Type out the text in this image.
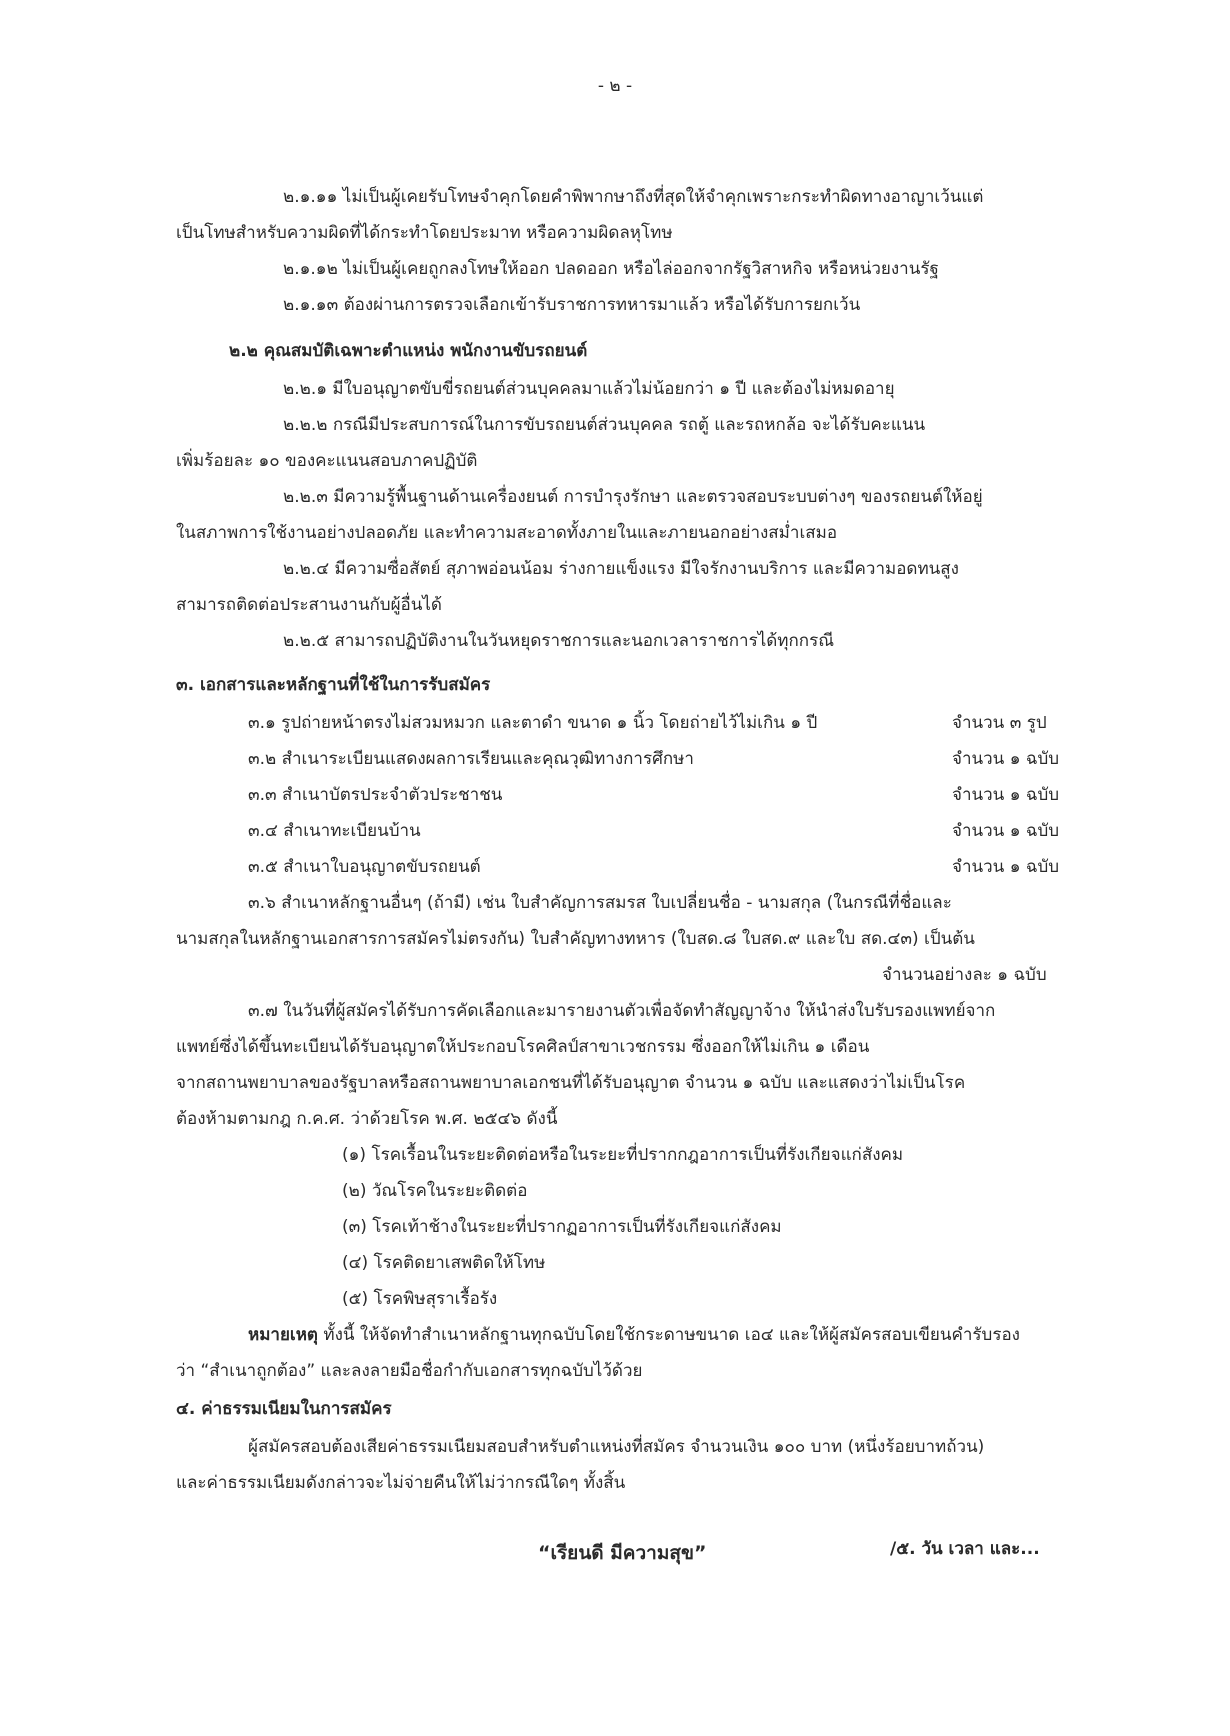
- ๒ -
๒.๑.๑๑ ไม่เป็นผู้เคยรับโทษจำคุกโดยคำพิพากษาถึงที่สุดให้จำคุกเพราะกระทำผิดทางอาญาเว้นแต่
เป็นโทษสำหรับความผิดที่ได้กระทำโดยประมาท หรือความผิดลหุโทษ
๒.๑.๑๒ ไม่เป็นผู้เคยถูกลงโทษให้ออก ปลดออก หรือไล่ออกจากรัฐวิสาหกิจ หรือหน่วยงานรัฐ
๒.๑.๑๓ ต้องผ่านการตรวจเลือกเข้ารับราชการทหารมาแล้ว หรือได้รับการยกเว้น
๒.๒ คุณสมบัติเฉพาะตำแหน่ง พนักงานขับรถยนต์
๒.๒.๑ มีใบอนุญาตขับขี่รถยนต์ส่วนบุคคลมาแล้วไม่น้อยกว่า ๑ ปี และต้องไม่หมดอายุ
๒.๒.๒ กรณีมีประสบการณ์ในการขับรถยนต์ส่วนบุคคล รถตู้ และรถหกล้อ จะได้รับคะแนน
เพิ่มร้อยละ ๑๐ ของคะแนนสอบภาคปฏิบัติ
๒.๒.๓ มีความรู้พื้นฐานด้านเครื่องยนต์ การบำรุงรักษา และตรวจสอบระบบต่างๆ ของรถยนต์ให้อยู่
ในสภาพการใช้งานอย่างปลอดภัย และทำความสะอาดทั้งภายในและภายนอกอย่างสม่ำเสมอ
๒.๒.๔ มีความซื่อสัตย์ สุภาพอ่อนน้อม ร่างกายแข็งแรง มีใจรักงานบริการ และมีความอดทนสูง
สามารถติดต่อประสานงานกับผู้อื่นได้
๒.๒.๕ สามารถปฏิบัติงานในวันหยุดราชการและนอกเวลาราชการได้ทุกกรณี
๓. เอกสารและหลักฐานที่ใช้ในการรับสมัคร
๓.๑ รูปถ่ายหน้าตรงไม่สวมหมวก และตาดำ ขนาด ๑ นิ้ว โดยถ่ายไว้ไม่เกิน ๑ ปี	จำนวน ๓ รูป
๓.๒ สำเนาระเบียนแสดงผลการเรียนและคุณวุฒิทางการศึกษา	จำนวน ๑ ฉบับ
๓.๓ สำเนาบัตรประจำตัวประชาชน	จำนวน ๑ ฉบับ
๓.๔ สำเนาทะเบียนบ้าน	จำนวน ๑ ฉบับ
๓.๕ สำเนาใบอนุญาตขับรถยนต์	จำนวน ๑ ฉบับ
๓.๖ สำเนาหลักฐานอื่นๆ (ถ้ามี) เช่น ใบสำคัญการสมรส ใบเปลี่ยนชื่อ - นามสกุล (ในกรณีที่ชื่อและ
นามสกุลในหลักฐานเอกสารการสมัครไม่ตรงกัน) ใบสำคัญทางทหาร (ใบสด.๘ ใบสด.๙ และใบ สด.๔๓) เป็นต้น
จำนวนอย่างละ ๑ ฉบับ
๓.๗ ในวันที่ผู้สมัครได้รับการคัดเลือกและมารายงานตัวเพื่อจัดทำสัญญาจ้าง ให้นำส่งใบรับรองแพทย์จาก
แพทย์ซึ่งได้ขึ้นทะเบียนได้รับอนุญาตให้ประกอบโรคศิลป์สาขาเวชกรรม ซึ่งออกให้ไม่เกิน ๑ เดือน
จากสถานพยาบาลของรัฐบาลหรือสถานพยาบาลเอกชนที่ได้รับอนุญาต จำนวน ๑ ฉบับ และแสดงว่าไม่เป็นโรค
ต้องห้ามตามกฎ ก.ค.ศ. ว่าด้วยโรค พ.ศ. ๒๕๔๖ ดังนี้
(๑) โรคเรื้อนในระยะติดต่อหรือในระยะที่ปรากกฎอาการเป็นที่รังเกียจแก่สังคม
(๒) วัณโรคในระยะติดต่อ
(๓) โรคเท้าช้างในระยะที่ปรากฏอาการเป็นที่รังเกียจแก่สังคม
(๔) โรคติดยาเสพติดให้โทษ
(๕) โรคพิษสุราเรื้อรัง
หมายเหตุ ทั้งนี้ ให้จัดทำสำเนาหลักฐานทุกฉบับโดยใช้กระดาษขนาด เอ๔ และให้ผู้สมัครสอบเขียนคำรับรอง
ว่า “สำเนาถูกต้อง” และลงลายมือชื่อกำกับเอกสารทุกฉบับไว้ด้วย
๔. ค่าธรรมเนียมในการสมัคร
ผู้สมัครสอบต้องเสียค่าธรรมเนียมสอบสำหรับตำแหน่งที่สมัคร จำนวนเงิน ๑๐๐ บาท (หนึ่งร้อยบาทถ้วน)
และค่าธรรมเนียมดังกล่าวจะไม่จ่ายคืนให้ไม่ว่ากรณีใดๆ ทั้งสิ้น
“เรียนดี มีความสุข”	/๕. วัน เวลา และ...
